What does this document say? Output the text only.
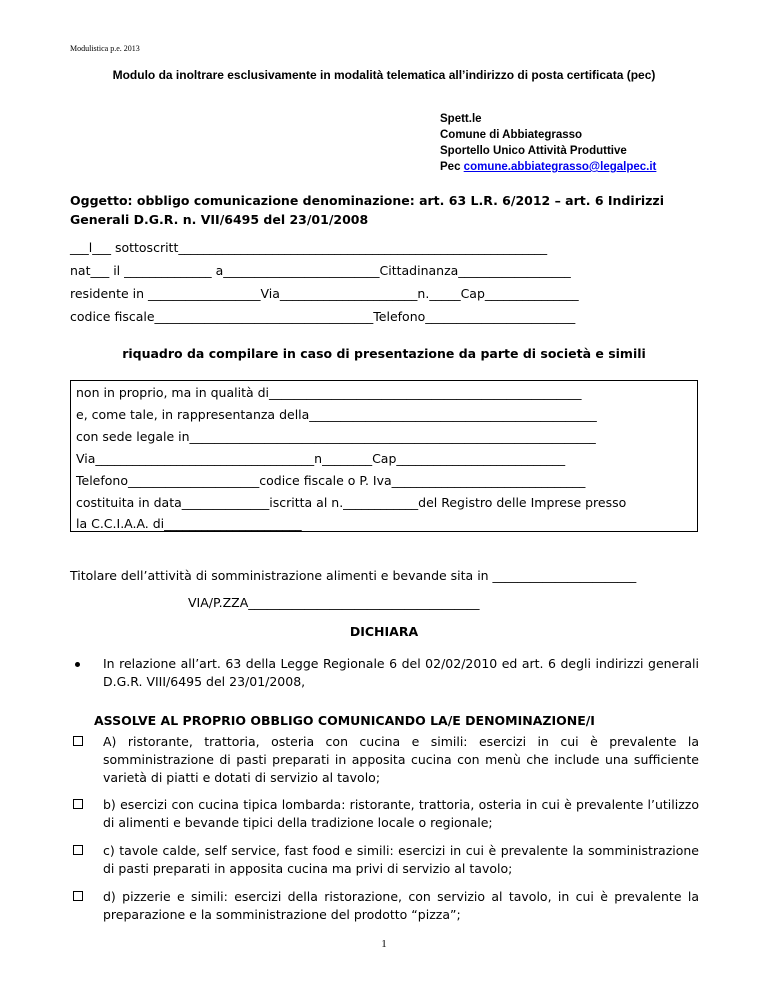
Modulistica p.e. 2013
Modulo da inoltrare esclusivamente in modalità telematica all’indirizzo di posta certificata (pec)
Spett.le
Comune di Abbiategrasso
Sportello Unico Attività Produttive
Pec comune.abbiategrasso@legalpec.it
Oggetto: obbligo comunicazione denominazione: art. 63 L.R. 6/2012 – art. 6 Indirizzi
Generali D.G.R. n. VII/6495 del 23/01/2008
___l___ sottoscritt___________________________________________________________
nat___ il ______________ a_________________________Cittadinanza__________________
residente in __________________Via______________________n._____Cap_______________
codice fiscale___________________________________Telefono________________________
riquadro da compilare in caso di presentazione da parte di società e simili
non in proprio, ma in qualità di__________________________________________________
e, come tale, in rappresentanza della______________________________________________
con sede legale in_________________________________________________________________
Via___________________________________n________Cap___________________________
Telefono_____________________codice fiscale o P. Iva_______________________________
costituita in data______________iscritta al n.____________del Registro delle Imprese presso
la C.C.I.A.A. di______________________
Titolare dell’attività di somministrazione alimenti e bevande sita in _______________________
VIA/P.ZZA_____________________________________
DICHIARA
In relazione all’art. 63 della Legge Regionale 6 del 02/02/2010 ed art. 6 degli indirizzi generali D.G.R. VIII/6495 del 23/01/2008,
ASSOLVE AL PROPRIO OBBLIGO COMUNICANDO LA/E DENOMINAZIONE/I
A) ristorante, trattoria, osteria con cucina e simili: esercizi in cui è prevalente la somministrazione di pasti preparati in apposita cucina con menù che include una sufficiente varietà di piatti e dotati di servizio al tavolo;
b) esercizi con cucina tipica lombarda: ristorante, trattoria, osteria in cui è prevalente l’utilizzo di alimenti e bevande tipici della tradizione locale o regionale;
c) tavole calde, self service, fast food e simili: esercizi in cui è prevalente la somministrazione di pasti preparati in apposita cucina ma privi di servizio al tavolo;
d) pizzerie e simili: esercizi della ristorazione, con servizio al tavolo, in cui è prevalente la preparazione e la somministrazione del prodotto “pizza”;
1
